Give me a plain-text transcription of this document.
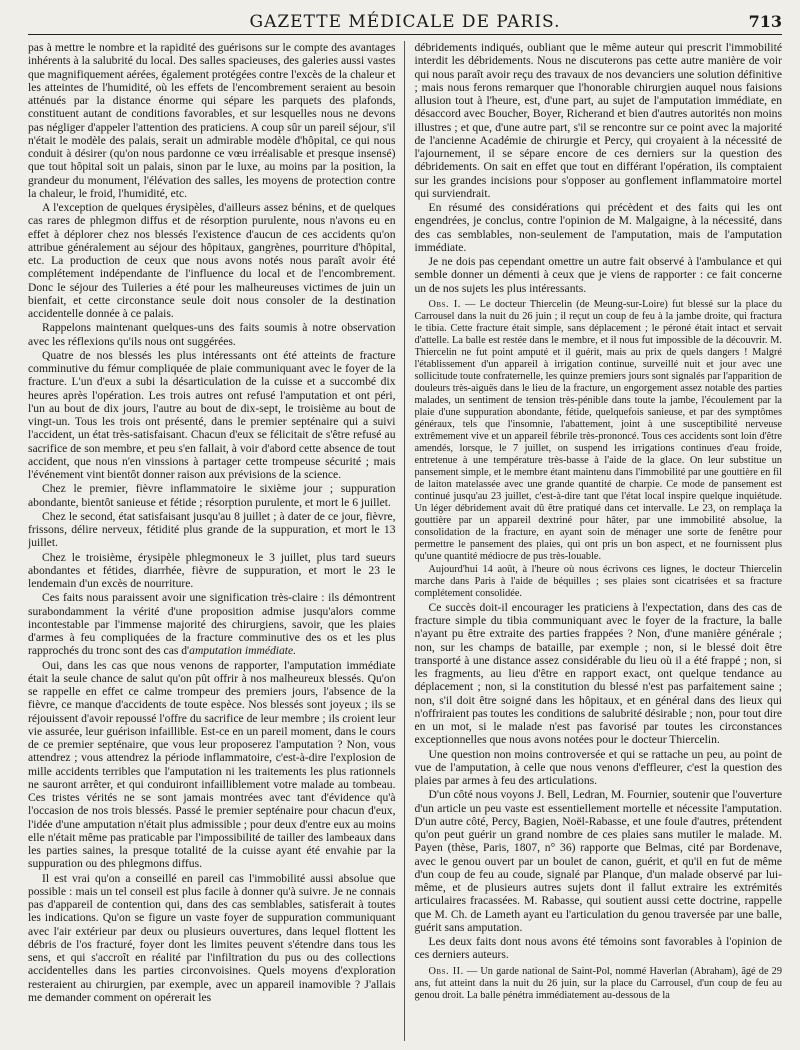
GAZETTE MÉDICALE DE PARIS.	713

pas à mettre le nombre et la rapidité des guérisons sur le compte des avantages inhérents à la salubrité du local. Des salles spacieuses, des galeries aussi vastes que magnifiquement aérées, également protégées contre l'excès de la chaleur et les atteintes de l'humidité, où les effets de l'encombrement seraient au besoin atténués par la distance énorme qui sépare les parquets des plafonds, constituent autant de conditions favorables, et sur lesquelles nous ne devons pas négliger d'appeler l'attention des praticiens. A coup sûr un pareil séjour, s'il n'était le modèle des palais, serait un admirable modèle d'hôpital, ce qui nous conduit à désirer (qu'on nous pardonne ce vœu irréalisable et presque insensé) que tout hôpital soit un palais, sinon par le luxe, au moins par la position, la grandeur du monument, l'élévation des salles, les moyens de protection contre la chaleur, le froid, l'humidité, etc.

A l'exception de quelques érysipèles, d'ailleurs assez bénins, et de quelques cas rares de phlegmon diffus et de résorption purulente, nous n'avons eu en effet à déplorer chez nos blessés l'existence d'aucun de ces accidents qu'on attribue généralement au séjour des hôpitaux, gangrènes, pourriture d'hôpital, etc. La production de ceux que nous avons notés nous paraît avoir été complétement indépendante de l'influence du local et de l'encombrement. Donc le séjour des Tuileries a été pour les malheureuses victimes de juin un bienfait, et cette circonstance seule doit nous consoler de la destination accidentelle donnée à ce palais.

Rappelons maintenant quelques-uns des faits soumis à notre observation avec les réflexions qu'ils nous ont suggérées.

Quatre de nos blessés les plus intéressants ont été atteints de fracture comminutive du fémur compliquée de plaie communiquant avec le foyer de la fracture. L'un d'eux a subi la désarticulation de la cuisse et a succombé dix heures après l'opération. Les trois autres ont refusé l'amputation et ont péri, l'un au bout de dix jours, l'autre au bout de dix-sept, le troisième au bout de vingt-un. Tous les trois ont présenté, dans le premier septénaire qui a suivi l'accident, un état très-satisfaisant. Chacun d'eux se félicitait de s'être refusé au sacrifice de son membre, et peu s'en fallait, à voir d'abord cette absence de tout accident, que nous n'en vinssions à partager cette trompeuse sécurité ; mais l'événement vint bientôt donner raison aux prévisions de la science.

Chez le premier, fièvre inflammatoire le sixième jour ; suppuration abondante, bientôt sanieuse et fétide ; résorption purulente, et mort le 6 juillet.

Chez le second, état satisfaisant jusqu'au 8 juillet ; à dater de ce jour, fièvre, frissons, délire nerveux, fétidité plus grande de la suppuration, et mort le 13 juillet.

Chez le troisième, érysipèle phlegmoneux le 3 juillet, plus tard sueurs abondantes et fétides, diarrhée, fièvre de suppuration, et mort le 23 le lendemain d'un excès de nourriture.

Ces faits nous paraissent avoir une signification très-claire : ils démontrent surabondamment la vérité d'une proposition admise jusqu'alors comme incontestable par l'immense majorité des chirurgiens, savoir, que les plaies d'armes à feu compliquées de la fracture comminutive des os et les plus rapprochés du tronc sont des cas d'amputation immédiate.

Oui, dans les cas que nous venons de rapporter, l'amputation immédiate était la seule chance de salut qu'on pût offrir à nos malheureux blessés. Qu'on se rappelle en effet ce calme trompeur des premiers jours, l'absence de la fièvre, ce manque d'accidents de toute espèce. Nos blessés sont joyeux ; ils se réjouissent d'avoir repoussé l'offre du sacrifice de leur membre ; ils croient leur vie assurée, leur guérison infaillible. Est-ce en un pareil moment, dans le cours de ce premier septénaire, que vous leur proposerez l'amputation ? Non, vous attendrez ; vous attendrez la période inflammatoire, c'est-à-dire l'explosion de mille accidents terribles que l'amputation ni les traitements les plus rationnels ne sauront arrêter, et qui conduiront infailliblement votre malade au tombeau. Ces tristes vérités ne se sont jamais montrées avec tant d'évidence qu'à l'occasion de nos trois blessés. Passé le premier septénaire pour chacun d'eux, l'idée d'une amputation n'était plus admissible ; pour deux d'entre eux au moins elle n'était même pas praticable par l'impossibilité de tailler des lambeaux dans les parties saines, la presque totalité de la cuisse ayant été envahie par la suppuration ou des phlegmons diffus.

Il est vrai qu'on a conseillé en pareil cas l'immobilité aussi absolue que possible : mais un tel conseil est plus facile à donner qu'à suivre. Je ne connais pas d'appareil de contention qui, dans des cas semblables, satisferait à toutes les indications. Qu'on se figure un vaste foyer de suppuration communiquant avec l'air extérieur par deux ou plusieurs ouvertures, dans lequel flottent les débris de l'os fracturé, foyer dont les limites peuvent s'étendre dans tous les sens, et qui s'accroît en réalité par l'infiltration du pus ou des collections accidentelles dans les parties circonvoisines. Quels moyens d'exploration resteraient au chirurgien, par exemple, avec un appareil inamovible ? J'allais me demander comment on opérerait les

débridements indiqués, oubliant que le même auteur qui prescrit l'immobilité interdit les débridements. Nous ne discuterons pas cette autre manière de voir qui nous paraît avoir reçu des travaux de nos devanciers une solution définitive ; mais nous ferons remarquer que l'honorable chirurgien auquel nous faisions allusion tout à l'heure, est, d'une part, au sujet de l'amputation immédiate, en désaccord avec Boucher, Boyer, Richerand et bien d'autres autorités non moins illustres ; et que, d'une autre part, s'il se rencontre sur ce point avec la majorité de l'ancienne Académie de chirurgie et Percy, qui croyaient à la nécessité de l'ajournement, il se sépare encore de ces derniers sur la question des débridements. On sait en effet que tout en différant l'opération, ils comptaient sur les grandes incisions pour s'opposer au gonflement inflammatoire mortel qui surviendrait.

En résumé des considérations qui précèdent et des faits qui les ont engendrées, je conclus, contre l'opinion de M. Malgaigne, à la nécessité, dans des cas semblables, non-seulement de l'amputation, mais de l'amputation immédiate.

Je ne dois pas cependant omettre un autre fait observé à l'ambulance et qui semble donner un démenti à ceux que je viens de rapporter : ce fait concerne un de nos sujets les plus intéressants.

Obs. I. — Le docteur Thiercelin (de Meung-sur-Loire) fut blessé sur la place du Carrousel dans la nuit du 26 juin ; il reçut un coup de feu à la jambe droite, qui fractura le tibia. Cette fracture était simple, sans déplacement ; le péroné était intact et servait d'attelle. La balle est restée dans le membre, et il nous fut impossible de la découvrir. M. Thiercelin ne fut point amputé et il guérit, mais au prix de quels dangers ! Malgré l'établissement d'un appareil à irrigation continue, surveillé nuit et jour avec une sollicitude toute confraternelle, les quinze premiers jours sont signalés par l'apparition de douleurs très-aiguës dans le lieu de la fracture, un engorgement assez notable des parties malades, un sentiment de tension très-pénible dans toute la jambe, l'écoulement par la plaie d'une suppuration abondante, fétide, quelquefois sanieuse, et par des symptômes généraux, tels que l'insomnie, l'abattement, joint à une susceptibilité nerveuse extrêmement vive et un appareil fébrile très-prononcé. Tous ces accidents sont loin d'être amendés, lorsque, le 7 juillet, on suspend les irrigations continues d'eau froide, entretenue à une température très-basse à l'aide de la glace. On leur substitue un pansement simple, et le membre étant maintenu dans l'immobilité par une gouttière en fil de laiton matelassée avec une grande quantité de charpie. Ce mode de pansement est continué jusqu'au 23 juillet, c'est-à-dire tant que l'état local inspire quelque inquiétude. Un léger débridement avait dû être pratiqué dans cet intervalle. Le 23, on remplaça la gouttière par un appareil dextriné pour hâter, par une immobilité absolue, la consolidation de la fracture, en ayant soin de ménager une sorte de fenêtre pour permettre le pansement des plaies, qui ont pris un bon aspect, et ne fournissent plus qu'une quantité médiocre de pus très-louable.

Aujourd'hui 14 août, à l'heure où nous écrivons ces lignes, le docteur Thiercelin marche dans Paris à l'aide de béquilles ; ses plaies sont cicatrisées et sa fracture complétement consolidée.

Ce succès doit-il encourager les praticiens à l'expectation, dans des cas de fracture simple du tibia communiquant avec le foyer de la fracture, la balle n'ayant pu être extraite des parties frappées ? Non, d'une manière générale ; non, sur les champs de bataille, par exemple ; non, si le blessé doit être transporté à une distance assez considérable du lieu où il a été frappé ; non, si les fragments, au lieu d'être en rapport exact, ont quelque tendance au déplacement ; non, si la constitution du blessé n'est pas parfaitement saine ; non, s'il doit être soigné dans les hôpitaux, et en général dans des lieux qui n'offriraient pas toutes les conditions de salubrité désirable ; non, pour tout dire en un mot, si le malade n'est pas favorisé par toutes les circonstances exceptionnelles que nous avons notées pour le docteur Thiercelin.

Une question non moins controversée et qui se rattache un peu, au point de vue de l'amputation, à celle que nous venons d'effleurer, c'est la question des plaies par armes à feu des articulations.

D'un côté nous voyons J. Bell, Ledran, M. Fournier, soutenir que l'ouverture d'un article un peu vaste est essentiellement mortelle et nécessite l'amputation. D'un autre côté, Percy, Bagien, Noël-Rabasse, et une foule d'autres, prétendent qu'on peut guérir un grand nombre de ces plaies sans mutiler le malade. M. Payen (thèse, Paris, 1807, n° 36) rapporte que Belmas, cité par Bordenave, avec le genou ouvert par un boulet de canon, guérit, et qu'il en fut de même d'un coup de feu au coude, signalé par Planque, d'un malade observé par lui-même, et de plusieurs autres sujets dont il fallut extraire les extrémités articulaires fracassées. M. Rabasse, qui soutient aussi cette doctrine, rappelle que M. Ch. de Lameth ayant eu l'articulation du genou traversée par une balle, guérit sans amputation.

Les deux faits dont nous avons été témoins sont favorables à l'opinion de ces derniers auteurs.

Obs. II. — Un garde national de Saint-Pol, nommé Haverlan (Abraham), âgé de 29 ans, fut atteint dans la nuit du 26 juin, sur la place du Carrousel, d'un coup de feu au genou droit. La balle pénétra immédiatement au-dessous de la
